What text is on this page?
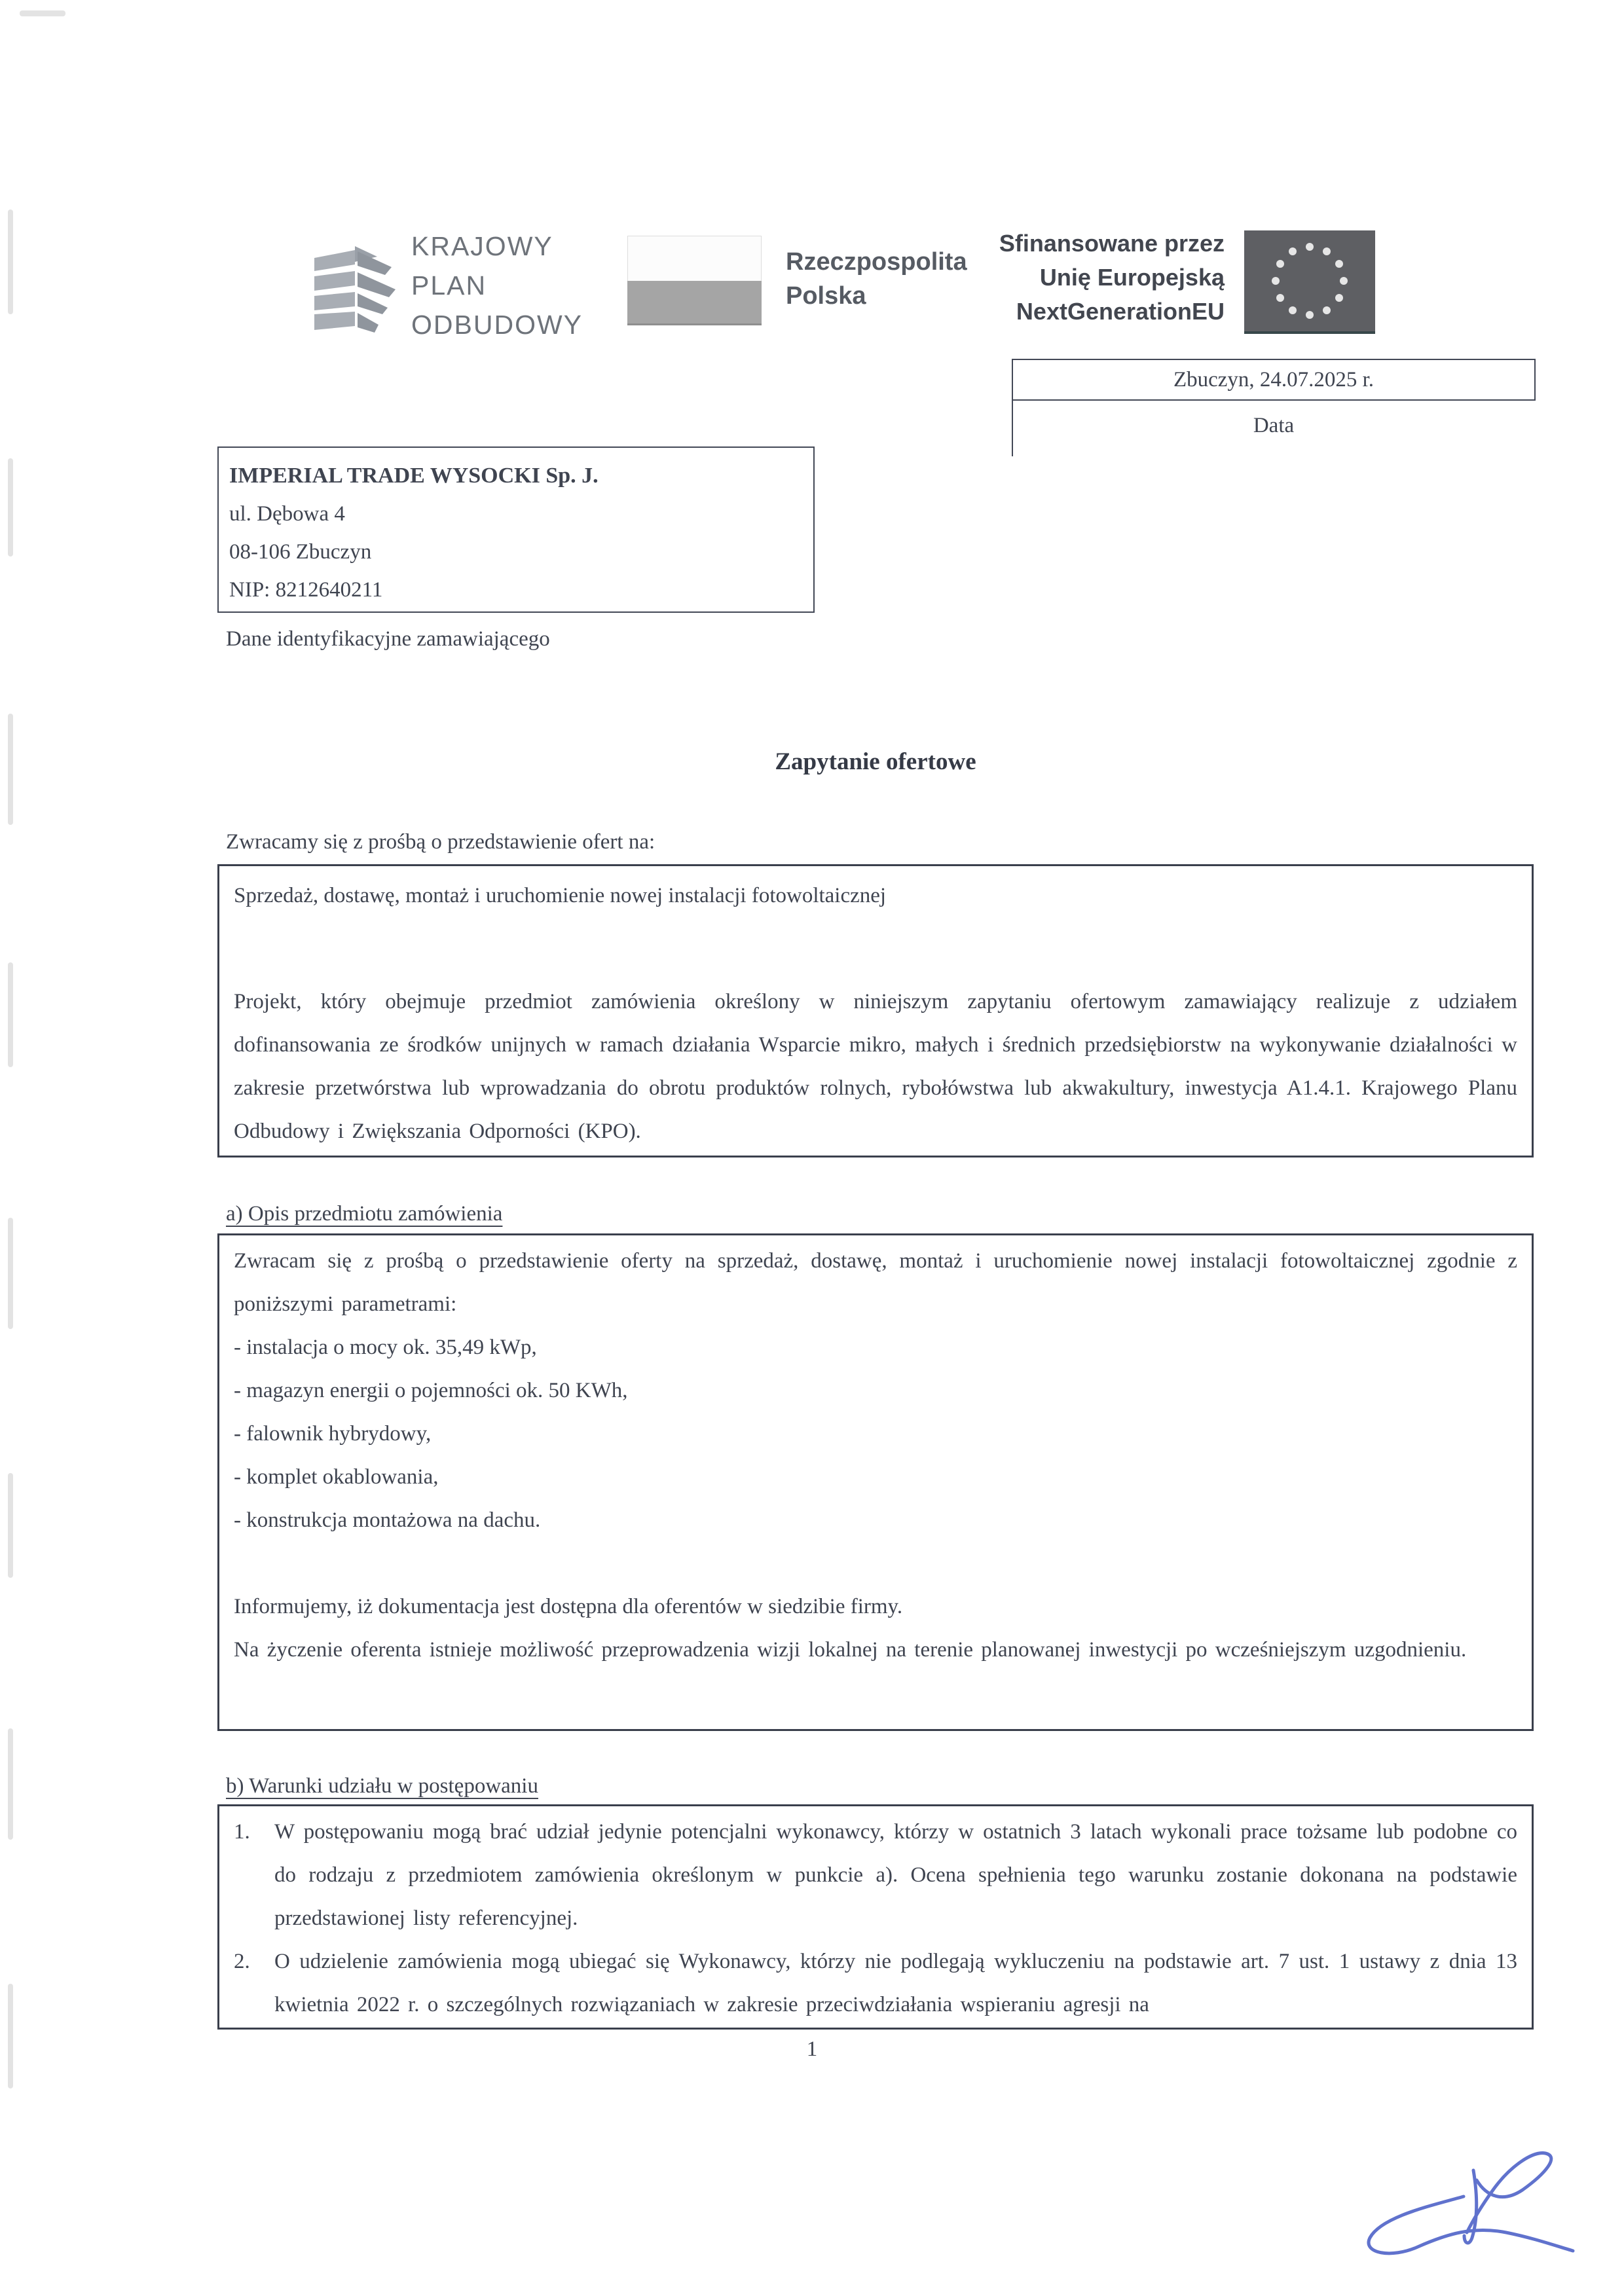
KRAJOWY
PLAN
ODBUDOWY
Rzeczpospolita
Polska
Sfinansowane przez
Unię Europejską
NextGenerationEU
Zbuczyn, 24.07.2025 r.
Data
IMPERIAL TRADE WYSOCKI Sp. J.
ul. Dębowa 4
08-106 Zbuczyn
NIP: 8212640211
Dane identyfikacyjne zamawiającego
Zapytanie ofertowe
Zwracamy się z prośbą o przedstawienie ofert na:
Sprzedaż, dostawę, montaż i uruchomienie nowej instalacji fotowoltaicznej

Projekt, który obejmuje przedmiot zamówienia określony w niniejszym zapytaniu ofertowym zamawiający realizuje z udziałem dofinansowania ze środków unijnych w ramach działania Wsparcie mikro, małych i średnich przedsiębiorstw na wykonywanie działalności w zakresie przetwórstwa lub wprowadzania do obrotu produktów rolnych, rybołówstwa lub akwakultury, inwestycja A1.4.1. Krajowego Planu Odbudowy i Zwiększania Odporności (KPO).

a) Opis przedmiotu zamówienia

Zwracam się z prośbą o przedstawienie oferty na sprzedaż, dostawę, montaż i uruchomienie nowej instalacji fotowoltaicznej zgodnie z poniższymi parametrami:

- instalacja o mocy ok. 35,49 kWp,
- magazyn energii o pojemności ok. 50 KWh,
- falownik hybrydowy,
- komplet okablowania,
- konstrukcja montażowa na dachu.
Informujemy, iż dokumentacja jest dostępna dla oferentów w siedzibie firmy.

Na życzenie oferenta istnieje możliwość przeprowadzenia wizji lokalnej na terenie planowanej inwestycji po wcześniejszym uzgodnieniu.

b) Warunki udziału w postępowaniu
1.	W postępowaniu mogą brać udział jedynie potencjalni wykonawcy, którzy w ostatnich 3 latach wykonali prace tożsame lub podobne co do rodzaju z przedmiotem zamówienia określonym w punkcie a). Ocena spełnienia tego warunku zostanie dokonana na podstawie przedstawionej listy referencyjnej.

2.	O udzielenie zamówienia mogą ubiegać się Wykonawcy, którzy nie podlegają wykluczeniu na podstawie art. 7 ust. 1 ustawy z dnia 13 kwietnia 2022 r. o szczególnych rozwiązaniach w zakresie przeciwdziałania wspieraniu agresji na

1
